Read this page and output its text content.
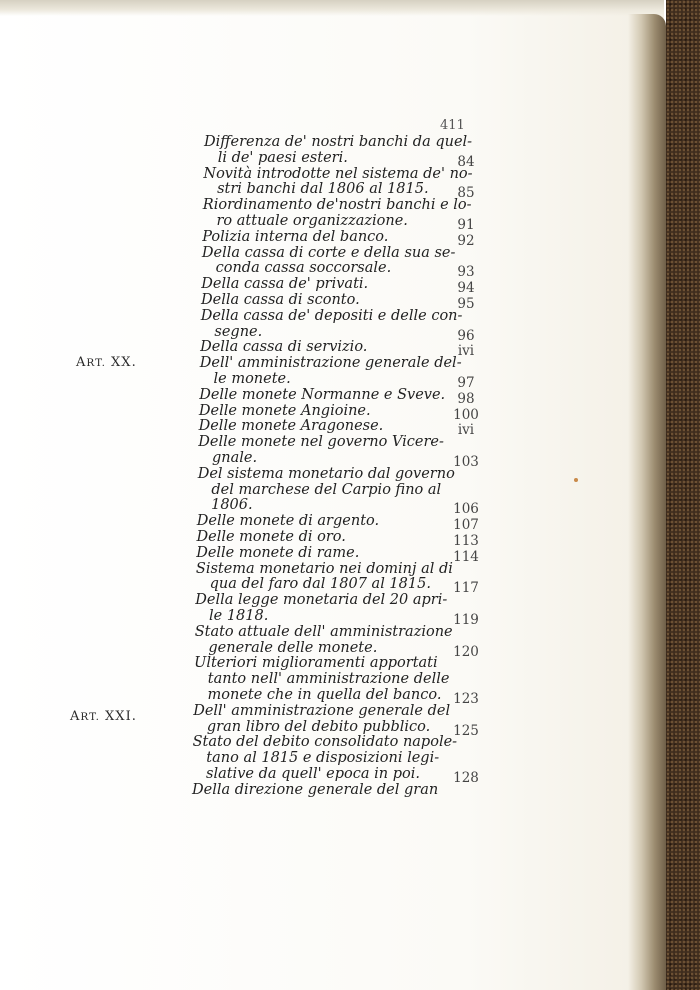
411
ART. XX.
ART. XXI.
Differenza de' nostri banchi da quel-
li de' paesi esteri.	84
Novità introdotte nel sistema de' no-
stri banchi dal 1806 al 1815.	85
Riordinamento de'nostri banchi e lo-
ro attuale organizzazione.	91
Polizia interna del banco.	92
Della cassa di corte e della sua se-
conda cassa soccorsale.	93
Della cassa de' privati.	94
Della cassa di sconto.	95
Della cassa de' depositi e delle con-
segne.	96
Della cassa di servizio.	ivi
Dell' amministrazione generale del-
le monete.	97
Delle monete Normanne e Sveve. 98
Delle monete Angioine.	100
Delle monete Aragonese.	ivi
Delle monete nel governo Vicere-
gnale.	103
Del sistema monetario dal governo
del marchese del Carpio fino al
1806.	106
Delle monete di argento.	107
Delle monete di oro.	113
Delle monete di rame.	114
Sistema monetario nei dominj al di
qua del faro dal 1807 al 1815.	117
Della legge monetaria del 20 apri-
le 1818.	119
Stato attuale dell' amministrazione
generale delle monete.	120
Ulteriori miglioramenti apportati
tanto nell' amministrazione delle
monete che in quella del banco. 123
Dell' amministrazione generale del
gran libro del debito pubblico.	125
Stato del debito consolidato napole-
tano al 1815 e disposizioni legi-
slative da quell' epoca in poi.	128
Della direzione generale del gran
